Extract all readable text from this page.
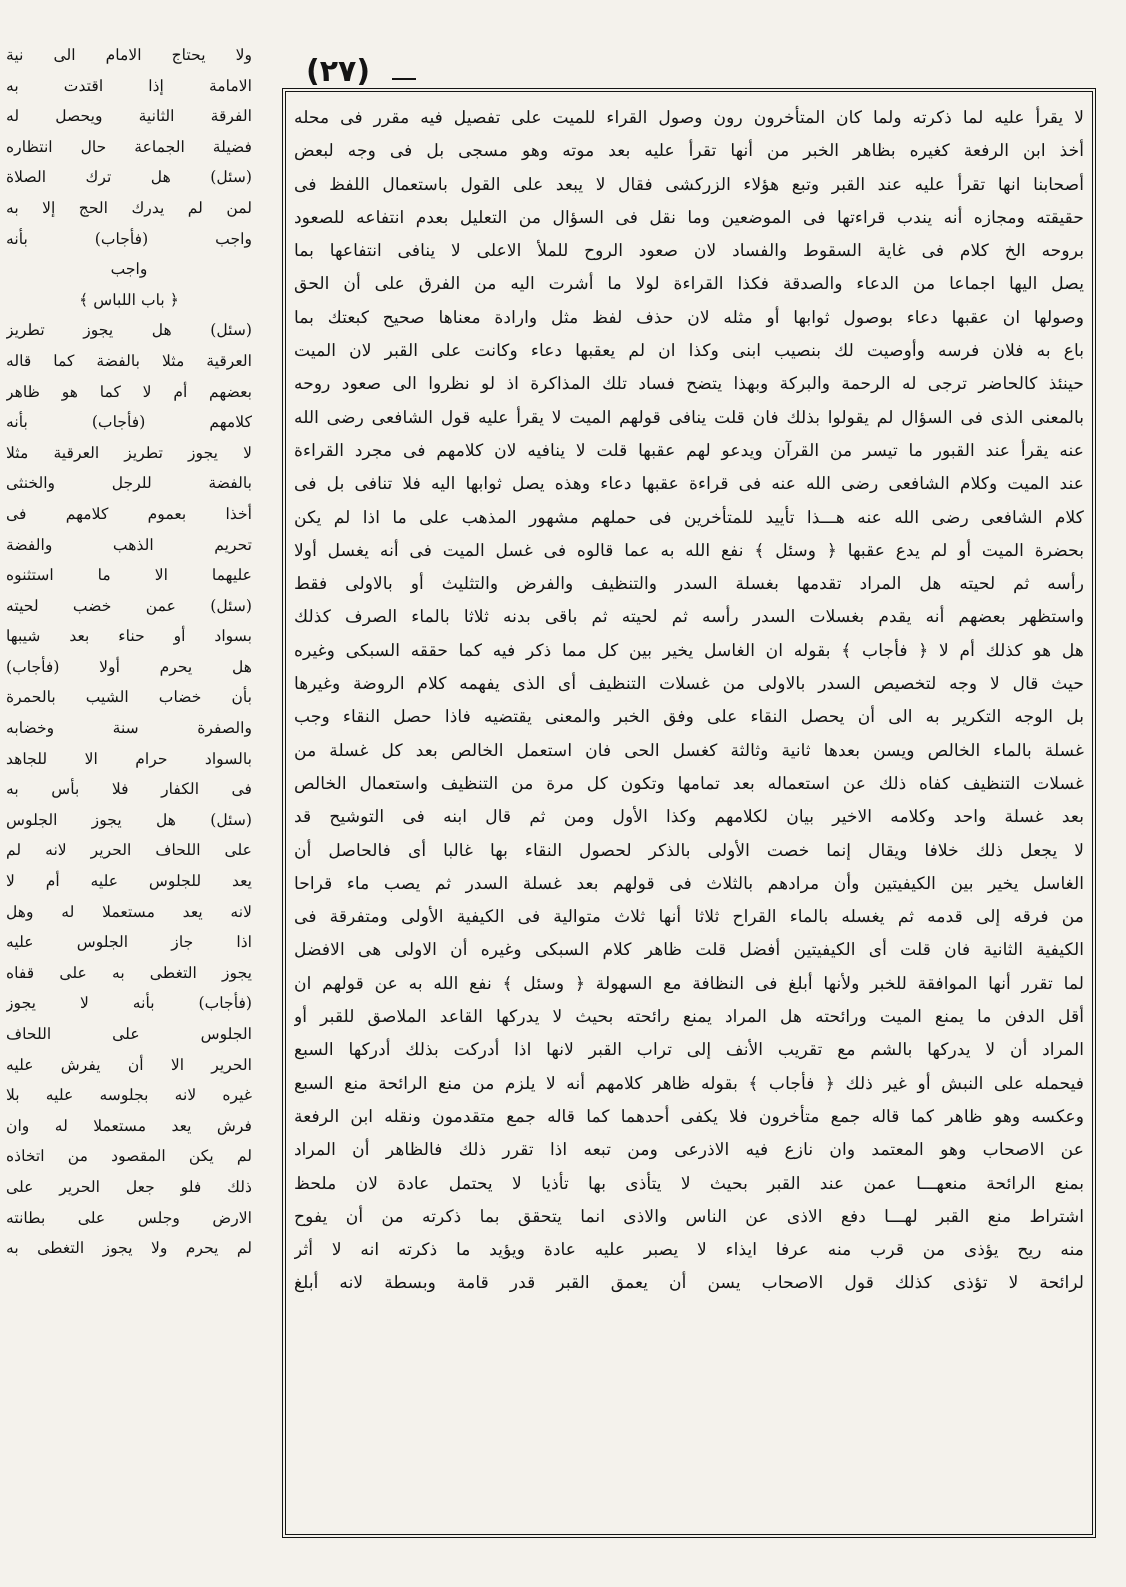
(٢٧)
لا يقرأ عليه لما ذكرته ولما كان المتأخرون رون وصول القراء للميت على تفصيل فيه مقرر فى محله
أخذ ابن الرفعة كغيره بظاهر الخبر من أنها تقرأ عليه بعد موته وهو مسجى بل فى وجه لبعض
أصحابنا انها تقرأ عليه عند القبر وتبع هؤلاء الزركشى فقال لا يبعد على القول باستعمال اللفظ فى
حقيقته ومجازه أنه يندب قراءتها فى الموضعين وما نقل فى السؤال من التعليل بعدم انتفاعه للصعود
بروحه الخ كلام فى غاية السقوط والفساد لان صعود الروح للملأ الاعلى لا ينافى انتفاعها بما
يصل اليها اجماعا من الدعاء والصدقة فكذا القراءة لولا ما أشرت اليه من الفرق على أن الحق
وصولها ان عقبها دعاء بوصول ثوابها أو مثله لان حذف لفظ مثل وارادة معناها صحيح كبعتك بما
باع به فلان فرسه وأوصيت لك بنصيب ابنى وكذا ان لم يعقبها دعاء وكانت على القبر لان الميت
حينئذ كالحاضر ترجى له الرحمة والبركة وبهذا يتضح فساد تلك المذاكرة اذ لو نظروا الى صعود روحه
بالمعنى الذى فى السؤال لم يقولوا بذلك فان قلت ينافى قولهم الميت لا يقرأ عليه قول الشافعى رضى الله
عنه يقرأ عند القبور ما تيسر من القرآن ويدعو لهم عقبها قلت لا ينافيه لان كلامهم فى مجرد القراءة
عند الميت وكلام الشافعى رضى الله عنه فى قراءة عقبها دعاء وهذه يصل ثوابها اليه فلا تنافى بل فى
كلام الشافعى رضى الله عنه هـــذا تأييد للمتأخرين فى حملهم مشهور المذهب على ما اذا لم يكن
بحضرة الميت أو لم يدع عقبها ﴿ وسئل ﴾ نفع الله به عما قالوه فى غسل الميت فى أنه يغسل أولا
رأسه ثم لحيته هل المراد تقدمها بغسلة السدر والتنظيف والفرض والتثليث أو بالاولى فقط
واستظهر بعضهم أنه يقدم بغسلات السدر رأسه ثم لحيته ثم باقى بدنه ثلاثا بالماء الصرف كذلك
هل هو كذلك أم لا ﴿ فأجاب ﴾ بقوله ان الغاسل يخير بين كل مما ذكر فيه كما حققه السبكى وغيره
حيث قال لا وجه لتخصيص السدر بالاولى من غسلات التنظيف أى الذى يفهمه كلام الروضة وغيرها
بل الوجه التكرير به الى أن يحصل النقاء على وفق الخبر والمعنى يقتضيه فاذا حصل النقاء وجب
غسلة بالماء الخالص ويسن بعدها ثانية وثالثة كغسل الحى فان استعمل الخالص بعد كل غسلة من
غسلات التنظيف كفاه ذلك عن استعماله بعد تمامها وتكون كل مرة من التنظيف واستعمال الخالص
بعد غسلة واحد وكلامه الاخير بيان لكلامهم وكذا الأول ومن ثم قال ابنه فى التوشيح قد
لا يجعل ذلك خلافا ويقال إنما خصت الأولى بالذكر لحصول النقاء بها غالبا أى فالحاصل أن
الغاسل يخير بين الكيفيتين وأن مرادهم بالثلاث فى قولهم بعد غسلة السدر ثم يصب ماء قراحا
من فرقه إلى قدمه ثم يغسله بالماء القراح ثلاثا أنها ثلاث متوالية فى الكيفية الأولى ومتفرقة فى
الكيفية الثانية فان قلت أى الكيفيتين أفضل قلت ظاهر كلام السبكى وغيره أن الاولى هى الافضل
لما تقرر أنها الموافقة للخبر ولأنها أبلغ فى النظافة مع السهولة ﴿ وسئل ﴾ نفع الله به عن قولهم ان
أقل الدفن ما يمنع الميت ورائحته هل المراد يمنع رائحته بحيث لا يدركها القاعد الملاصق للقبر أو
المراد أن لا يدركها بالشم مع تقريب الأنف إلى تراب القبر لانها اذا أدركت بذلك أدركها السبع
فيحمله على النبش أو غير ذلك ﴿ فأجاب ﴾ بقوله ظاهر كلامهم أنه لا يلزم من منع الرائحة منع السبع
وعكسه وهو ظاهر كما قاله جمع متأخرون فلا يكفى أحدهما كما قاله جمع متقدمون ونقله ابن الرفعة
عن الاصحاب وهو المعتمد وان نازع فيه الاذرعى ومن تبعه اذا تقرر ذلك فالظاهر أن المراد
بمنع الرائحة منعهـــا عمن عند القبر بحيث لا يتأذى بها تأذيا لا يحتمل عادة لان ملحظ
اشتراط منع القبر لهـــا دفع الاذى عن الناس والاذى انما يتحقق بما ذكرته من أن يفوح
منه ريح يؤذى من قرب منه عرفا ايذاء لا يصبر عليه عادة ويؤيد ما ذكرته انه لا أثر
لرائحة لا تؤذى كذلك قول الاصحاب يسن أن يعمق القبر قدر قامة وبسطة لانه أبلغ
ولا يحتاج الامام الى نية
الامامة إذا اقتدت به
الفرقة الثانية ويحصل له
فضيلة الجماعة حال انتظاره
(سئل) هل ترك الصلاة
لمن لم يدرك الحج إلا به
واجب (فأجاب) بأنه
واجب
﴿ باب اللباس ﴾
(سئل) هل يجوز تطريز
العرقية مثلا بالفضة كما قاله
بعضهم أم لا كما هو ظاهر
كلامهم (فأجاب) بأنه
لا يجوز تطريز العرقية مثلا
بالفضة للرجل والخنثى
أخذا بعموم كلامهم فى
تحريم الذهب والفضة
عليهما الا ما استثنوه
(سئل) عمن خضب لحيته
بسواد أو حناء بعد شيبها
هل يحرم أولا (فأجاب)
بأن خضاب الشيب بالحمرة
والصفرة سنة وخضابه
بالسواد حرام الا للجاهد
فى الكفار فلا بأس به
(سئل) هل يجوز الجلوس
على اللحاف الحرير لانه لم
يعد للجلوس عليه أم لا
لانه يعد مستعملا له وهل
اذا جاز الجلوس عليه
يجوز التغطى به على قفاه
(فأجاب) بأنه لا يجوز
الجلوس على اللحاف
الحرير الا أن يفرش عليه
غيره لانه بجلوسه عليه بلا
فرش يعد مستعملا له وان
لم يكن المقصود من اتخاذه
ذلك فلو جعل الحرير على
الارض وجلس على بطانته
لم يحرم ولا يجوز التغطى به
